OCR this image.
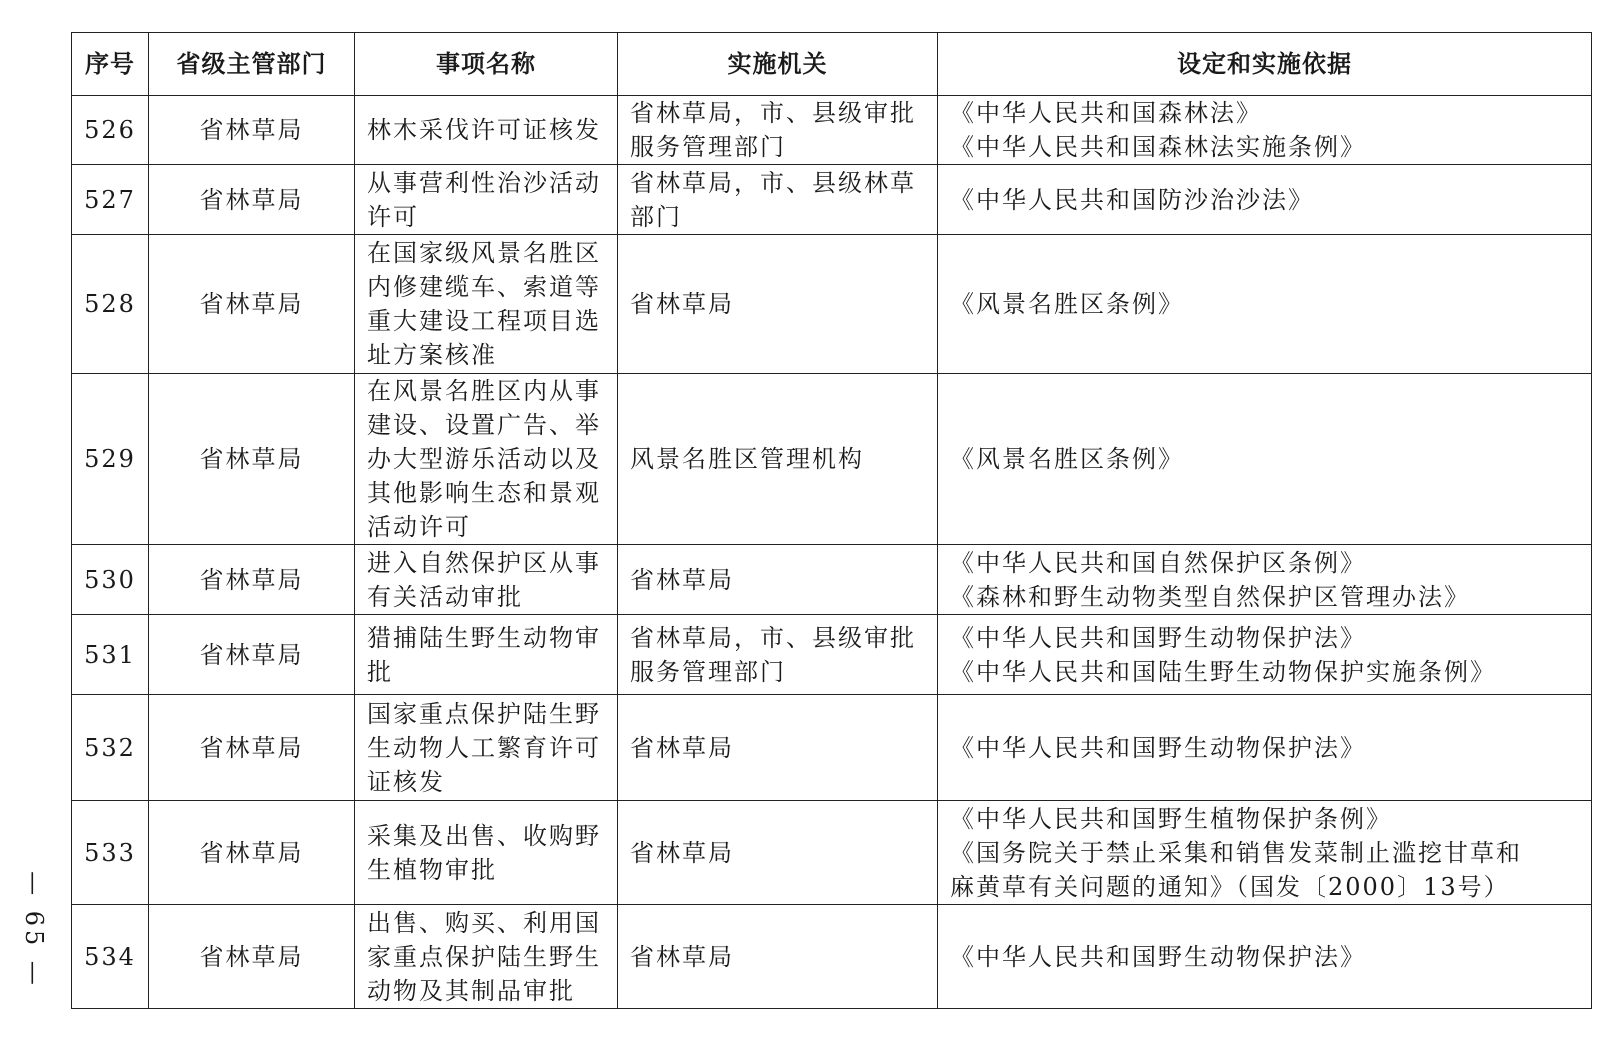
— 65 —
序号	省级主管部门	事项名称	实施机关	设定和实施依据
526	省林草局	林木采伐许可证核发	省林草局，市、县级审批服务管理部门	《中华人民共和国森林法》
《中华人民共和国森林法实施条例》

527	省林草局	从事营利性治沙活动许可	省林草局，市、县级林草部门	《中华人民共和国防沙治沙法》

528	省林草局	在国家级风景名胜区内修建缆车、索道等重大建设工程项目选址方案核准	省林草局	《风景名胜区条例》

529	省林草局	在风景名胜区内从事建设、设置广告、举办大型游乐活动以及其他影响生态和景观活动许可	风景名胜区管理机构	《风景名胜区条例》

530	省林草局	进入自然保护区从事有关活动审批	省林草局	《中华人民共和国自然保护区条例》
《森林和野生动物类型自然保护区管理办法》

531	省林草局	猎捕陆生野生动物审批	省林草局，市、县级审批服务管理部门	《中华人民共和国野生动物保护法》
《中华人民共和国陆生野生动物保护实施条例》

532	省林草局	国家重点保护陆生野生动物人工繁育许可证核发	省林草局	《中华人民共和国野生动物保护法》

533	省林草局	采集及出售、收购野生植物审批	省林草局	《中华人民共和国野生植物保护条例》
《国务院关于禁止采集和销售发菜制止滥挖甘草和
麻黄草有关问题的通知》（国发〔2000〕13号）

534	省林草局	出售、购买、利用国家重点保护陆生野生动物及其制品审批	省林草局	《中华人民共和国野生动物保护法》
